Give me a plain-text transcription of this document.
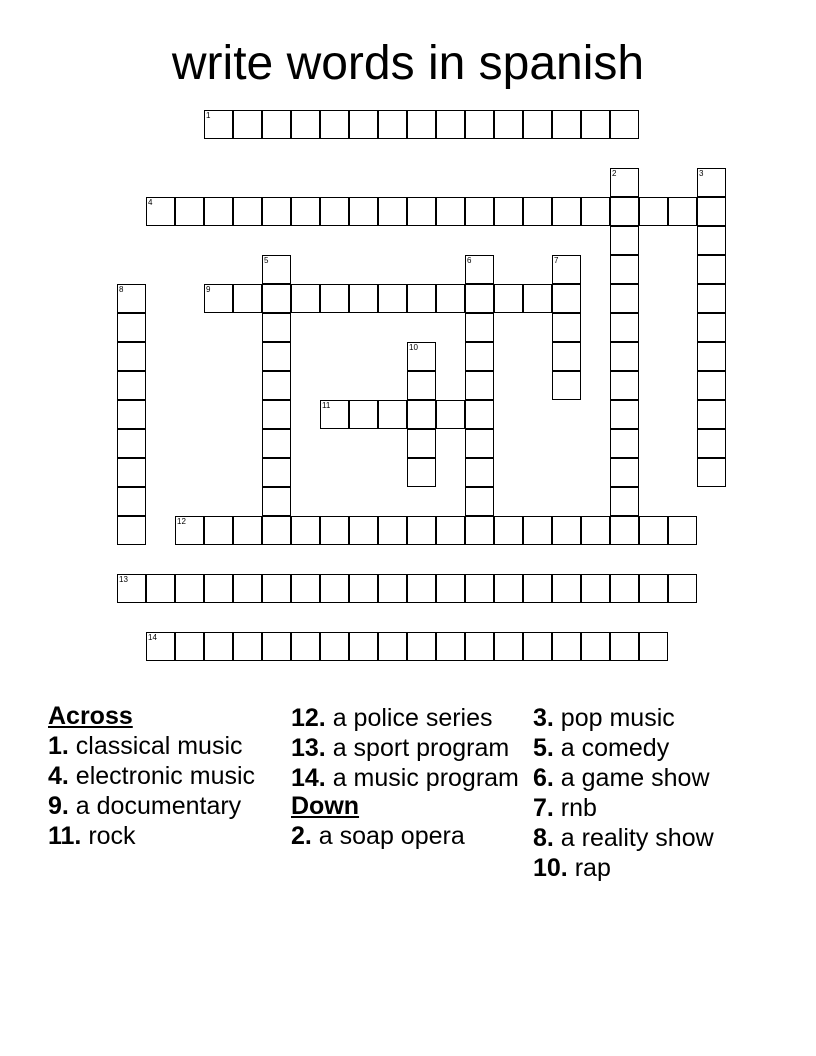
write words in spanish
1
2	3
4
5	6	7
8	9
10
11
12
13
14
Across
1. classical music
4. electronic music
9. a documentary
11. rock
12. a police series
13. a sport program
14. a music program
Down
2. a soap opera
3. pop music
5. a comedy
6. a game show
7. rnb
8. a reality show
10. rap
